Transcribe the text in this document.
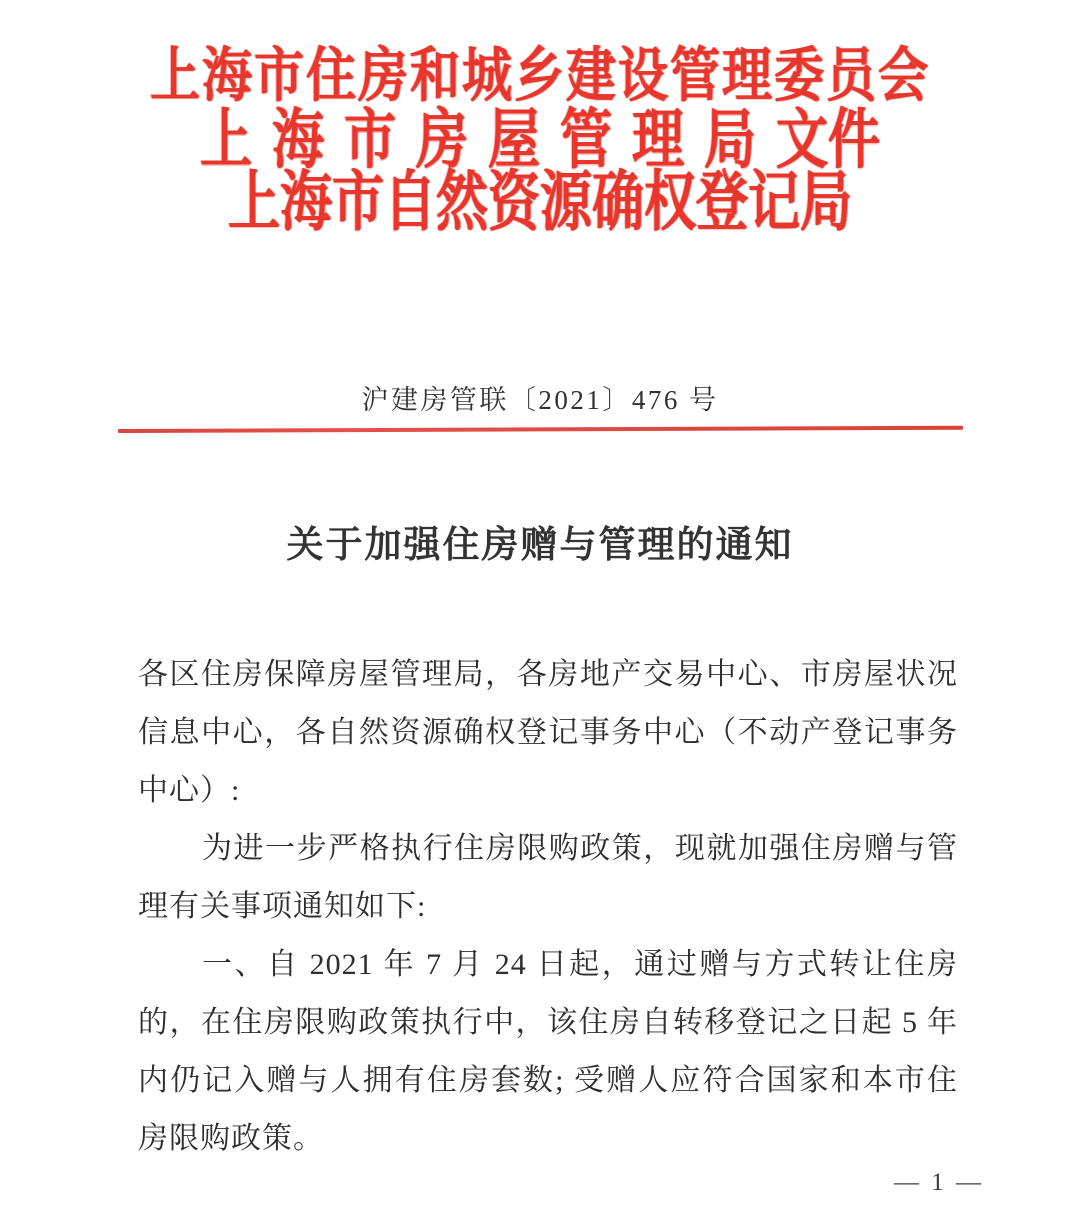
上海市住房和城乡建设管理委员会
上海市房屋管理局文件
上海市自然资源确权登记局
沪建房管联〔2021〕476 号
关于加强住房赠与管理的通知

各区住房保障房屋管理局，各房地产交易中心、市房屋状况信息中心，各自然资源确权登记事务中心（不动产登记事务中心）:

为进一步严格执行住房限购政策，现就加强住房赠与管理有关事项通知如下:

一、自 2021 年 7 月 24 日起，通过赠与方式转让住房的，在住房限购政策执行中，该住房自转移登记之日起 5 年内仍记入赠与人拥有住房套数; 受赠人应符合国家和本市住房限购政策。

— 1 —
